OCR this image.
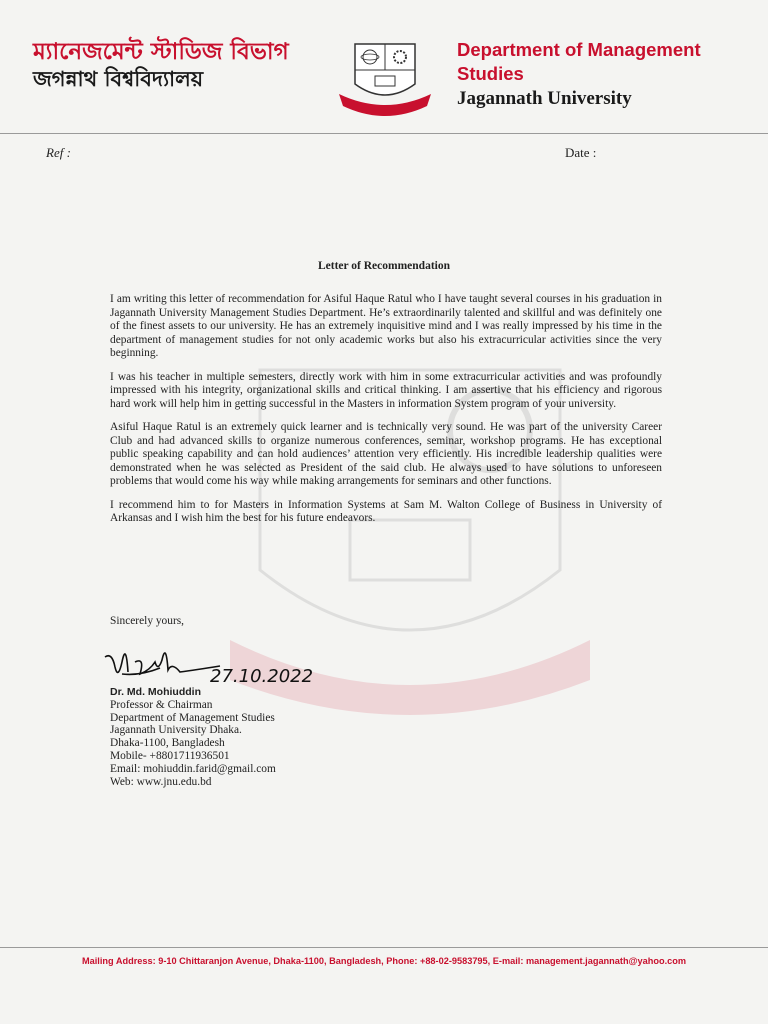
ম্যানেজমেন্ট স্টাডিজ বিভাগ
জগন্নাথ বিশ্ববিদ্যালয়
Department of Management Studies
Jagannath University
Ref :	Date :
Letter of Recommendation

I am writing this letter of recommendation for Asiful Haque Ratul who I have taught several courses in his graduation in Jagannath University Management Studies Department. He’s extraordinarily talented and skillful and was definitely one of the finest assets to our university. He has an extremely inquisitive mind and I was really impressed by his time in the department of management studies for not only academic works but also his extracurricular activities since the very beginning.

I was his teacher in multiple semesters, directly work with him in some extracurricular activities and was profoundly impressed with his integrity, organizational skills and critical thinking. I am assertive that his efficiency and rigorous hard work will help him in getting successful in the Masters in information System program of your university.

Asiful Haque Ratul is an extremely quick learner and is technically very sound. He was part of the university Career Club and had advanced skills to organize numerous conferences, seminar, workshop programs. He has exceptional public speaking capability and can hold audiences’ attention very efficiently. His incredible leadership qualities were demonstrated when he was selected as President of the said club. He always used to have solutions to unforeseen problems that would come his way while making arrangements for seminars and other functions.

I recommend him to for Masters in Information Systems at Sam M. Walton College of Business in University of Arkansas and I wish him the best for his future endeavors.

Sincerely yours,
27.10.2022
Dr. Md. Mohiuddin
Professor & Chairman
Department of Management Studies
Jagannath University Dhaka.
Dhaka-1100, Bangladesh
Mobile- +8801711936501
Email: mohiuddin.farid@gmail.com
Web: www.jnu.edu.bd
Mailing Address: 9-10 Chittaranjon Avenue, Dhaka-1100, Bangladesh, Phone: +88-02-9583795, E-mail: management.jagannath@yahoo.com
